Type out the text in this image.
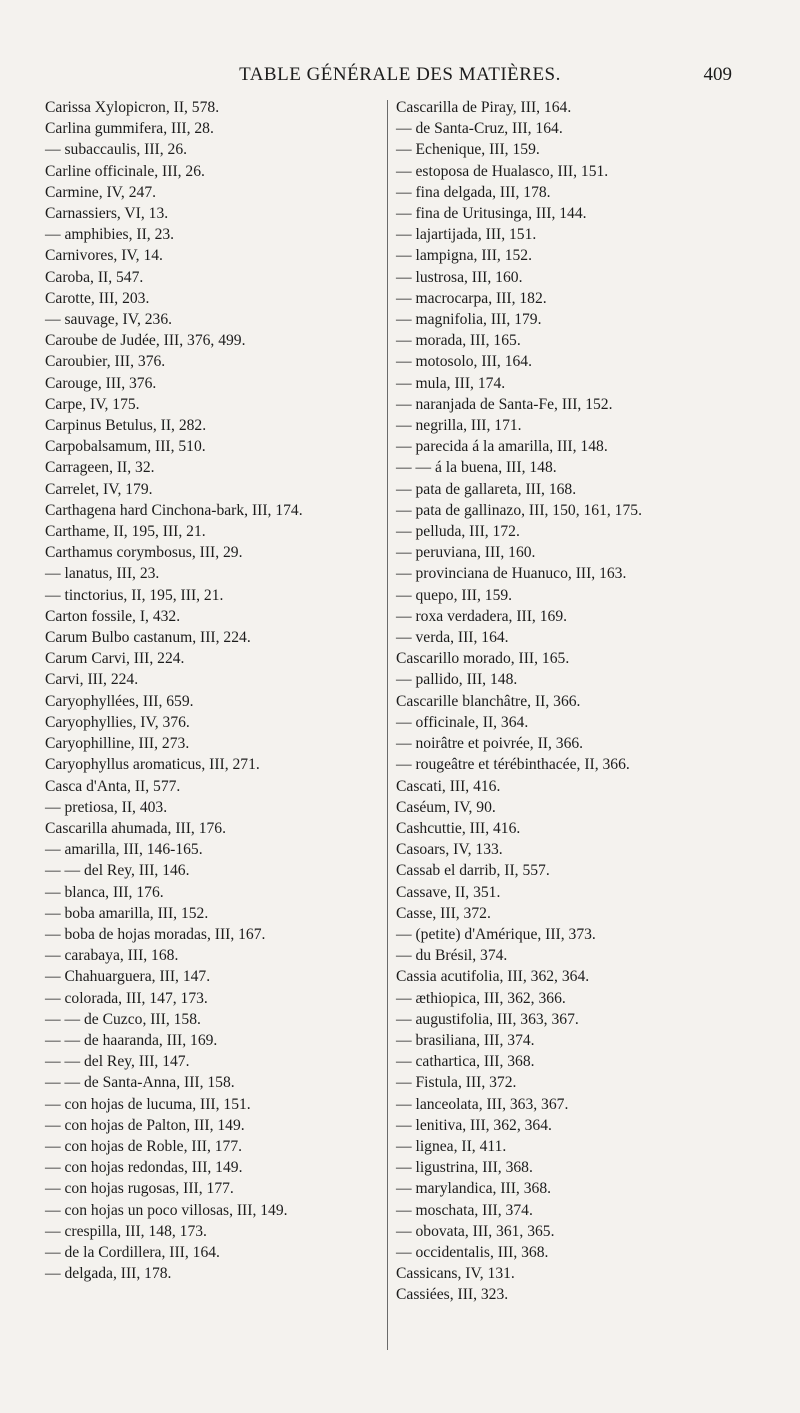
TABLE GÉNÉRALE DES MATIÈRES.	409
Carissa Xylopicron, II, 578.
Carlina gummifera, III, 28.
— subaccaulis, III, 26.
Carline officinale, III, 26.
Carmine, IV, 247.
Carnassiers, VI, 13.
— amphibies, II, 23.
Carnivores, IV, 14.
Caroba, II, 547.
Carotte, III, 203.
— sauvage, IV, 236.
Caroube de Judée, III, 376, 499.
Caroubier, III, 376.
Carouge, III, 376.
Carpe, IV, 175.
Carpinus Betulus, II, 282.
Carpobalsamum, III, 510.
Carrageen, II, 32.
Carrelet, IV, 179.
Carthagena hard Cinchona-bark, III, 174.
Carthame, II, 195, III, 21.
Carthamus corymbosus, III, 29.
— lanatus, III, 23.
— tinctorius, II, 195, III, 21.
Carton fossile, I, 432.
Carum Bulbo castanum, III, 224.
Carum Carvi, III, 224.
Carvi, III, 224.
Caryophyllées, III, 659.
Caryophyllies, IV, 376.
Caryophilline, III, 273.
Caryophyllus aromaticus, III, 271.
Casca d'Anta, II, 577.
— pretiosa, II, 403.
Cascarilla ahumada, III, 176.
— amarilla, III, 146-165.
— — del Rey, III, 146.
— blanca, III, 176.
— boba amarilla, III, 152.
— boba de hojas moradas, III, 167.
— carabaya, III, 168.
— Chahuarguera, III, 147.
— colorada, III, 147, 173.
— — de Cuzco, III, 158.
— — de haaranda, III, 169.
— — del Rey, III, 147.
— — de Santa-Anna, III, 158.
— con hojas de lucuma, III, 151.
— con hojas de Palton, III, 149.
— con hojas de Roble, III, 177.
— con hojas redondas, III, 149.
— con hojas rugosas, III, 177.
— con hojas un poco villosas, III, 149.
— crespilla, III, 148, 173.
— de la Cordillera, III, 164.
— delgada, III, 178.
Cascarilla de Piray, III, 164.
— de Santa-Cruz, III, 164.
— Echenique, III, 159.
— estoposa de Hualasco, III, 151.
— fina delgada, III, 178.
— fina de Uritusinga, III, 144.
— lajartijada, III, 151.
— lampigna, III, 152.
— lustrosa, III, 160.
— macrocarpa, III, 182.
— magnifolia, III, 179.
— morada, III, 165.
— motosolo, III, 164.
— mula, III, 174.
— naranjada de Santa-Fe, III, 152.
— negrilla, III, 171.
— parecida á la amarilla, III, 148.
— — á la buena, III, 148.
— pata de gallareta, III, 168.
— pata de gallinazo, III, 150, 161, 175.
— pelluda, III, 172.
— peruviana, III, 160.
— provinciana de Huanuco, III, 163.
— quepo, III, 159.
— roxa verdadera, III, 169.
— verda, III, 164.
Cascarillo morado, III, 165.
— pallido, III, 148.
Cascarille blanchâtre, II, 366.
— officinale, II, 364.
— noirâtre et poivrée, II, 366.
— rougeâtre et térébinthacée, II, 366.
Cascati, III, 416.
Caséum, IV, 90.
Cashcuttie, III, 416.
Casoars, IV, 133.
Cassab el darrib, II, 557.
Cassave, II, 351.
Casse, III, 372.
— (petite) d'Amérique, III, 373.
— du Brésil, 374.
Cassia acutifolia, III, 362, 364.
— æthiopica, III, 362, 366.
— augustifolia, III, 363, 367.
— brasiliana, III, 374.
— cathartica, III, 368.
— Fistula, III, 372.
— lanceolata, III, 363, 367.
— lenitiva, III, 362, 364.
— lignea, II, 411.
— ligustrina, III, 368.
— marylandica, III, 368.
— moschata, III, 374.
— obovata, III, 361, 365.
— occidentalis, III, 368.
Cassicans, IV, 131.
Cassiées, III, 323.
